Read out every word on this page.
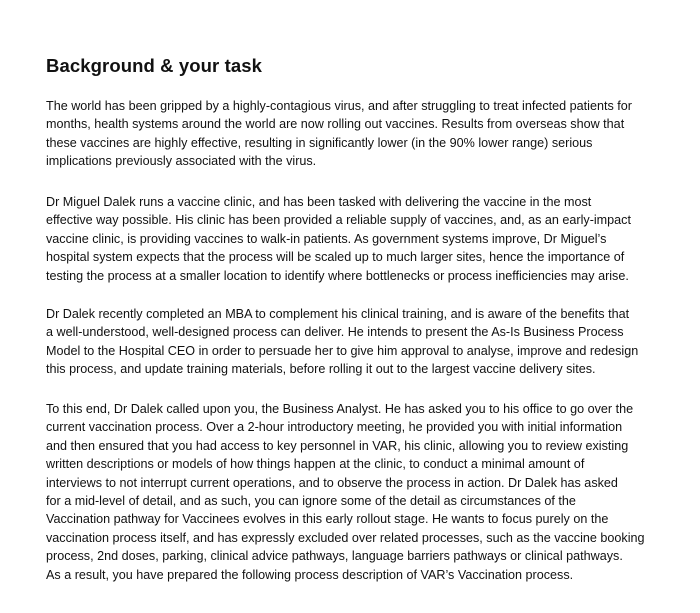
Background & your task

The world has been gripped by a highly-contagious virus, and after struggling to treat infected patients for
months, health systems around the world are now rolling out vaccines. Results from overseas show that
these vaccines are highly effective, resulting in significantly lower (in the 90% lower range) serious
implications previously associated with the virus.

Dr Miguel Dalek runs a vaccine clinic, and has been tasked with delivering the vaccine in the most
effective way possible. His clinic has been provided a reliable supply of vaccines, and, as an early-impact
vaccine clinic, is providing vaccines to walk-in patients. As government systems improve, Dr Miguel’s
hospital system expects that the process will be scaled up to much larger sites, hence the importance of
testing the process at a smaller location to identify where bottlenecks or process inefficiencies may arise.

Dr Dalek recently completed an MBA to complement his clinical training, and is aware of the benefits that
a well-understood, well-designed process can deliver. He intends to present the As-Is Business Process
Model to the Hospital CEO in order to persuade her to give him approval to analyse, improve and redesign
this process, and update training materials, before rolling it out to the largest vaccine delivery sites.

To this end, Dr Dalek called upon you, the Business Analyst. He has asked you to his office to go over the
current vaccination process. Over a 2-hour introductory meeting, he provided you with initial information
and then ensured that you had access to key personnel in VAR, his clinic, allowing you to review existing
written descriptions or models of how things happen at the clinic, to conduct a minimal amount of
interviews to not interrupt current operations, and to observe the process in action. Dr Dalek has asked
for a mid-level of detail, and as such, you can ignore some of the detail as circumstances of the
Vaccination pathway for Vaccinees evolves in this early rollout stage. He wants to focus purely on the
vaccination process itself, and has expressly excluded over related processes, such as the vaccine booking
process, 2nd doses, parking, clinical advice pathways, language barriers pathways or clinical pathways.
As a result, you have prepared the following process description of VAR’s Vaccination process.
